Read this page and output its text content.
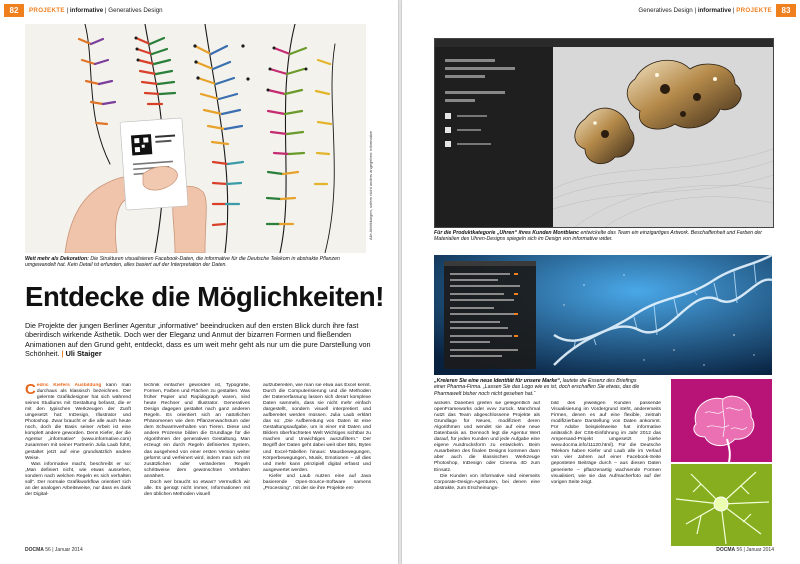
82	PROJEKTE | informative | Generatives Design
Alle Abbildungen, sofern nicht anders angegeben: informative
Weit mehr als Dekoration: Die Strukturen visualisieren Facebook-Daten, die informative für die Deutsche Telekom in abstrakte Pflanzen umgewandelt hat. Kein Detail ist erfunden, alles basiert auf der Interpretation der Daten.
Entdecke die Möglichkeiten!
Die Projekte der jungen Berliner Agentur „informative“ beeindrucken auf den ersten Blick durch ihre fast überirdisch wirkende Ästhetik. Doch wer der Eleganz und Anmut der bizarren Formen und fließenden Animationen auf den Grund geht, entdeckt, dass es um weit mehr geht als nur um die pure Darstellung von Schönheit. | Uli Staiger

Cedric Kiefers Ausbildung kann man durchaus als klassisch bezeichnen. Der gelernte Grafikdesigner hat sich während seines Studiums mit Gestaltung befasst, die er mit den typischen Werkzeugen der Zunft umgesetzt hat: InDesign, Illustrator und Photoshop. Zwar braucht er die alle auch heute noch, doch die Basis seiner Arbeit ist eine komplett andere geworden. Denn Kiefer, der die Agentur „informative“ (www.informative.com) zusammen mit seiner Partnerin Julia Laub führt, gestaltet jetzt auf eine grundsätzlich andere Weise.

Was informative macht, beschreibt er so: „Man definiert nicht, wie etwas aussehen, sondern nach welchen Regeln es sich verhalten soll“. Der normale Grafikworkflow orientiert sich an der analogen Arbeitsweise, nur dass es dank der Digital-

technik einfacher geworden ist, Typografie, Formen, Farben und Flächen zu gestalten. Was früher Papier und Rapidograph waren, sind heute Rechner und Illustrator. Generatives Design dagegen gestaltet nach ganz anderen Regeln. Es orientiert sich an natürlichen Phänomenen wie dem Pflanzenwachstum oder dem Schwarmverhalten von Tieren. Diese und andere Prozesse bilden die Grundlage für die Algorithmen der generativen Gestaltung. Man erzeugt ein durch Regeln definiertes System, das ausgehend von einer ersten Version weiter geformt und verfeinert wird, indem man sich mit zusätzlichen oder veränderten Regeln schrittweise dem gewünschten Verhalten annähert.

Doch wer braucht so etwas? Vermutlich wir alle. Es genügt nicht immer, Informationen mit den üblichen Methoden visuell

aufzubereiten, wie man sie etwa aus Excel kennt. Durch die Computerisierung und die Methoden der Datenerfassung lassen sich derart komplexe Daten sammeln, dass sie nicht mehr einfach dargestellt, sondern visuell interpretiert und aufbereitet werden müssen. Julia Laub erklärt das so: „Die Aufbereitung von Daten ist eine Gestaltungsaufgabe, um in einer mit Daten und Bildern überfrachteten Welt Wichtiges sichtbar zu machen und Unwichtiges auszufiltern.“ Der Begriff der Daten geht dabei weit über Bits, Bytes und Excel-Tabellen hinaus: Mausbewegungen, Körperbewegungen, Musik, Emotionen – all dies und mehr kann prinzipiell digital erfasst und ausgewertet werden.

Kiefer und Laub nutzen eine auf Java basierende Open-Source-Software namens „Processing“, mit der sie ihre Projekte ent-

DOCMA 56 | Januar 2014
Generatives Design | informative | PROJEKTE	83
Für die Produktkategorie „Uhren“ ihres Kunden Montblanc entwickelte das Team ein einzigartiges Artwork. Beschaffenheit und Farben der Materialien des Uhren-Designs spiegeln sich im Design von informative wider.
„Kreieren Sie eine neue Identität für unsere Marke“, lautete die Essenz des Briefings einer Pharma-Firma. „Lassen Sie das Logo wie es ist, doch erschaffen Sie etwas, das die Pharmawelt bisher noch nicht gesehen hat.“

wickeln. Daneben greifen sie gelegentlich auf openFrameworks oder vvvv zurück. Manchmal nutzt das Team abgeschlossene Projekte als Grundlage für Neues, modifiziert deren Algorithmen und wendet sie auf eine neue Datenbasis an. Dennoch legt die Agentur Wert darauf, für jeden Kunden und jede Aufgabe eine eigene Ausdrucksform zu entwickeln. Beim Ausarbeiten des finalen Designs kommen dann aber auch die klassischen Werkzeuge Photoshop, InDesign oder Cinema 4D zum Einsatz.

Die Kunden von informative sind einerseits Corporate-Design-Agenturen, bei denen eine abstrakte, zum Erscheinungs-

bild des jeweiligen Kunden passende Visualisierung im Vordergrund steht, andererseits Firmen, denen es auf eine flexible, zeitnah modifizierbare Darstellung von Daten ankommt. Für Adobe beispielsweise hat informative anlässlich der CS6-Einführung im Jahr 2012 das Ampersand-Projekt umgesetzt (siehe www.docma.info/11120.html). Für die Deutsche Telekom haben Kiefer und Laub alle im Verlauf von vier Jahren auf einer Facebook-Seite geposteten Beiträge durch – aus diesen Daten generierte – pflanzenartig wachsende Formen visualisiert, wie sie das Aufmacherfoto auf der vorigen Seite zeigt.

DOCMA 56 | Januar 2014
